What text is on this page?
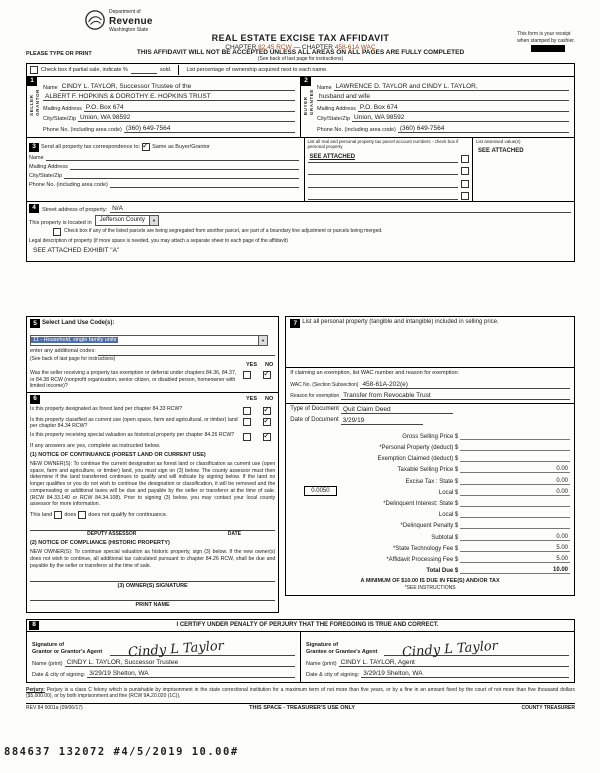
884637 132072 #4/5/2019 10.00#
Department of
Revenue
Washington State
REAL ESTATE EXCISE TAX AFFIDAVIT
CHAPTER 82.45 RCW — CHAPTER 458-61A WAC
This form is your receipt
when stamped by cashier.
PLEASE TYPE OR PRINT	THIS AFFIDAVIT WILL NOT BE ACCEPTED UNLESS ALL AREAS ON ALL PAGES ARE FULLY COMPLETED
(See back of last page for instructions)
Check box if partial sale, indicate %	sold.	List percentage of ownership acquired next to each name.
1
SELLER GRANTOR
Name CINDY L. TAYLOR, Successor Trustee of the
ALBERT F. HOPKINS & DOROTHY E. HOPKINS TRUST
Mailing Address P.O. Box 674
City/State/Zip Union, WA 98592
Phone No. (including area code) (360) 649-7564
2
BUYER GRANTEE
Name LAWRENCE D. TAYLOR and CINDY L. TAYLOR,
husband and wife
Mailing Address P.O. Box 674
City/State/Zip Union, WA 98592
Phone No. (including area code) (360) 649-7564
3 Send all property tax correspondence to: ✓ Same as Buyer/Grantor
Name
Mailing Address
City/State/Zip
Phone No. (including area code)
List all real and personal property tax parcel account numbers - check box if personal property
SEE ATTACHED
List assessed value(s)
SEE ATTACHED
4	Street address of property: N/A
This property is located in
Jefferson County	▼
Check box if any of the listed parcels are being segregated from another parcel, are part of a boundary line adjustment or parcels being merged.
Legal description of property (if more space is needed, you may attach a separate sheet to each page of the affidavit)
SEE ATTACHED EXHIBIT "A"
5 Select Land Use Code(s):
11 - Household, single family units	▼
enter any additional codes:
(See back of last page for instructions)
YES NO
Was the seller receiving a property tax exemption or deferral under chapters 84.36, 84.37, or 84.38 RCW (nonprofit organization, senior citizen, or disabled person, homeowner with limited income)?
✓
6	YES NO
Is this property designated as forest land per chapter 84.33 RCW?
✓
Is this property classified as current use (open space, farm and agricultural, or timber) land per chapter 84.34 RCW?
✓
Is this property receiving special valuation as historical property per chapter 84.26 RCW?
✓
If any answers are yes, complete as instructed below.
(1) NOTICE OF CONTINUANCE (FOREST LAND OR CURRENT USE)
NEW OWNER(S): To continue the current designation as forest land or classification as current use (open space, farm and agriculture, or timber) land, you must sign on (3) below. The county assessor must then determine if the land transferred continues to qualify and will indicate by signing below. If the land no longer qualifies or you do not wish to continue the designation or classification, it will be removed and the compensating or additional taxes will be due and payable by the seller or transferor at the time of sale. (RCW 84.33.140 or RCW 84.34.108). Prior to signing (3) below, you may contact your local county assessor for more information.
This land does does not qualify for continuance.
DEPUTY ASSESSOR	DATE
(2) NOTICE OF COMPLIANCE (HISTORIC PROPERTY)
NEW OWNER(S): To continue special valuation as historic property, sign (3) below. If the new owner(s) does not wish to continue, all additional tax calculated pursuant to chapter 84.26 RCW, shall be due and payable by the seller or transferor at the time of sale.
(3) OWNER(S) SIGNATURE
PRINT NAME
7 List all personal property (tangible and intangible) included in selling price.
If claiming an exemption, list WAC number and reason for exemption:
WAC No. (Section Subsection) 458-61A-202(e)
Reason for exemption Transfer from Revocable Trust
Type of Document Quit Claim Deed
Date of Document 3/29/19
Gross Selling Price $
*Personal Property (deduct) $
Exemption Claimed (deduct) $
Taxable Selling Price $	0.00
Excise Tax : State $	0.00
0.0050	Local $	0.00
*Delinquent Interest: State $
Local $
*Delinquent Penalty $
Subtotal $	0.00
*State Technology Fee $	5.00
*Affidavit Processing Fee $	5.00
Total Due $	10.00
A MINIMUM OF $10.00 IS DUE IN FEE(S) AND/OR TAX
*SEE INSTRUCTIONS
8	I CERTIFY UNDER PENALTY OF PERJURY THAT THE FOREGOING IS TRUE AND CORRECT.
Signature of
Grantor or Grantor's Agent	Cindy L Taylor
Name (print) CINDY L. TAYLOR, Successor Trustee
Date & city of signing: 3/29/19 Shelton, WA
Signature of
Grantee or Grantee's Agent	Cindy L Taylor
Name (print) CINDY L. TAYLOR, Agent
Date & city of signing: 3/29/19 Shelton, WA
Perjury: Perjury is a class C felony which is punishable by imprisonment in the state correctional institution for a maximum term of not more than five years, or by a fine in an amount fixed by the court of not more than five thousand dollars ($5,000.00), or by both imprisonment and fine (RCW 9A.20.020 (1C)).
REV 84 0001a (09/06/17)	THIS SPACE - TREASURER'S USE ONLY	COUNTY TREASURER
